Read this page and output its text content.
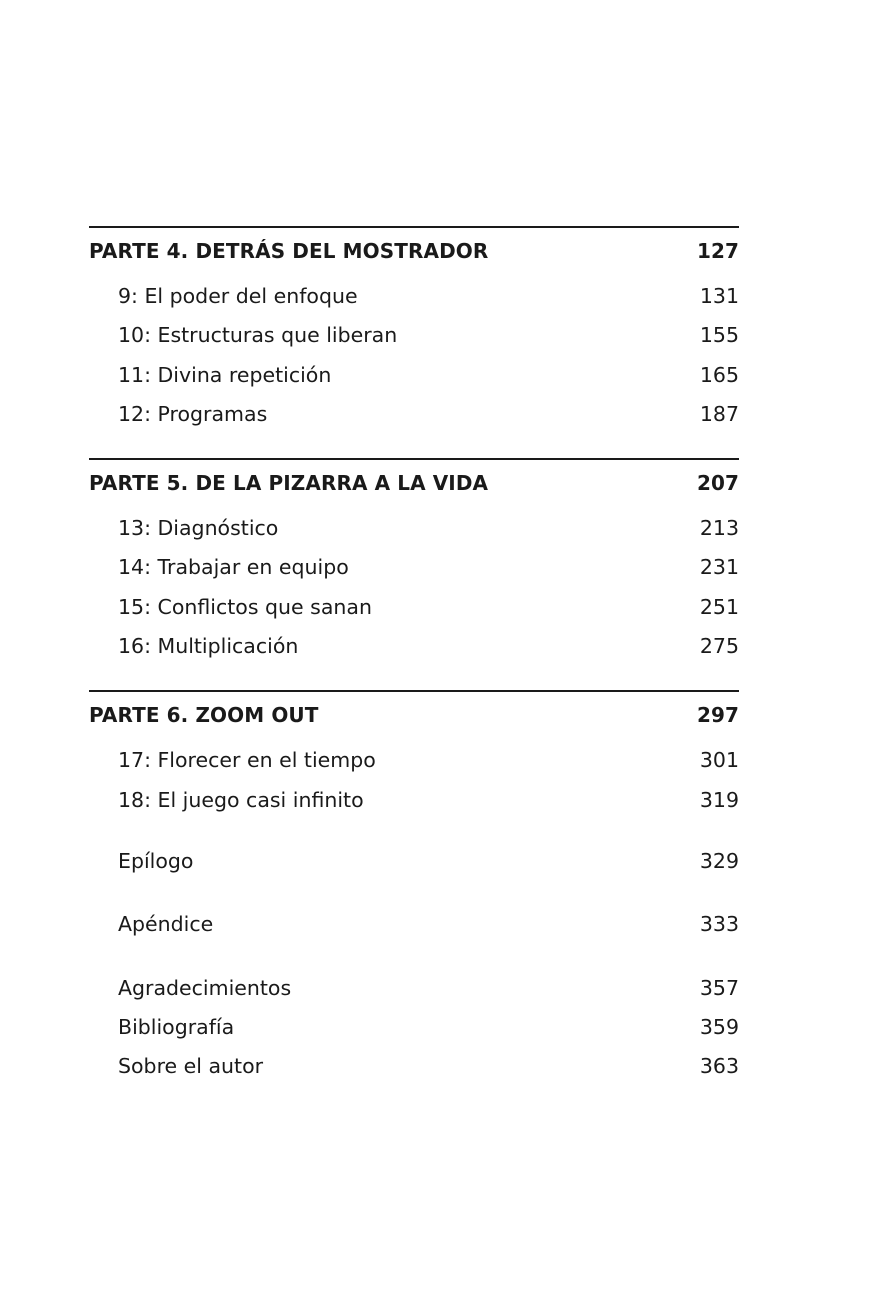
PARTE 4. DETRÁS DEL MOSTRADOR	127
9: El poder del enfoque	131
10: Estructuras que liberan	155
11: Divina repetición	165
12: Programas	187
PARTE 5. DE LA PIZARRA A LA VIDA	207
13: Diagnóstico	213
14: Trabajar en equipo	231
15: Conflictos que sanan	251
16: Multiplicación	275
PARTE 6. ZOOM OUT	297
17: Florecer en el tiempo	301
18: El juego casi infinito	319
Epílogo	329
Apéndice	333
Agradecimientos	357
Bibliografía	359
Sobre el autor	363
